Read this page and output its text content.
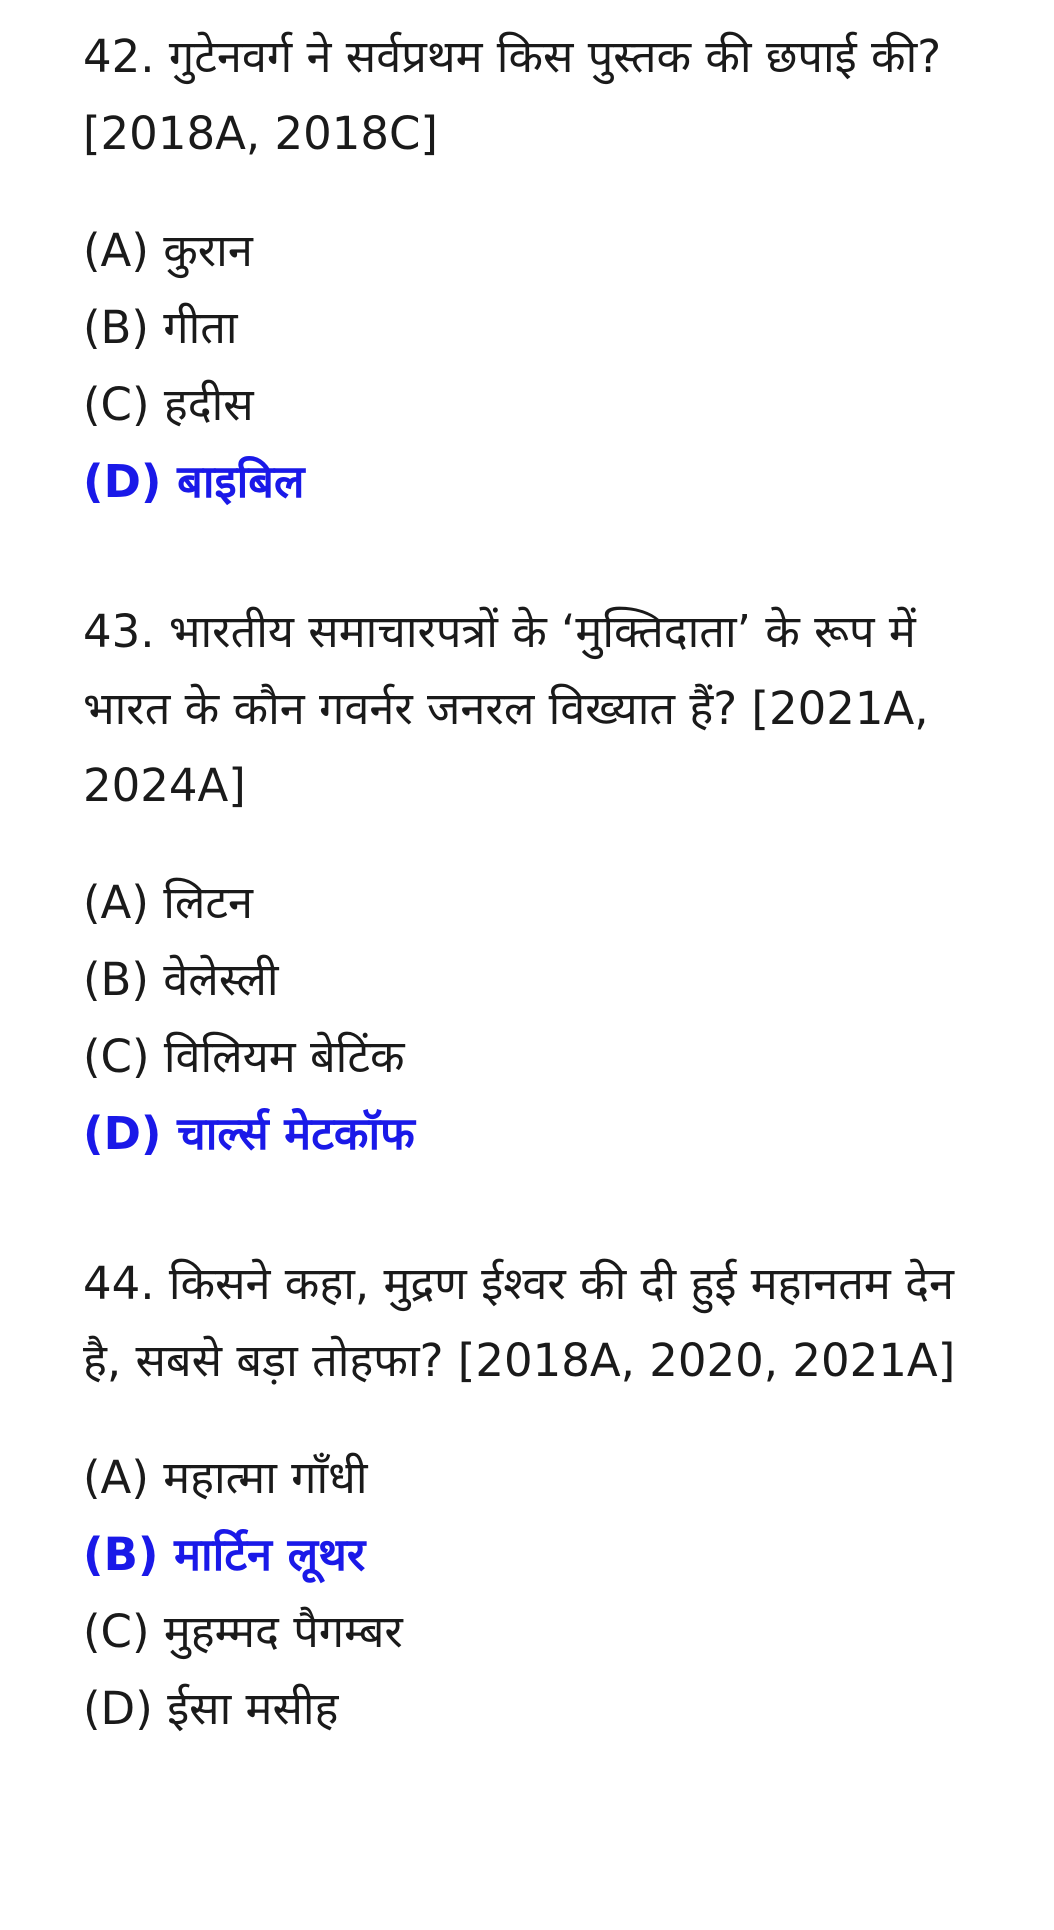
42. गुटेनवर्ग ने सर्वप्रथम किस पुस्तक की छपाई की? [2018A, 2018C]

(A) कुरान
(B) गीता
(C) हदीस
(D) बाइबिल

43. भारतीय समाचारपत्रों के ‘मुक्तिदाता’ के रूप में भारत के कौन गवर्नर जनरल विख्यात हैं? [2021A, 2024A]

(A) लिटन
(B) वेलेस्ली
(C) विलियम बेटिंक
(D) चार्ल्स मेटकॉफ

44. किसने कहा, मुद्रण ईश्वर की दी हुई महानतम देन है, सबसे बड़ा तोहफा? [2018A, 2020, 2021A]

(A) महात्मा गाँधी
(B) मार्टिन लूथर
(C) मुहम्मद पैगम्बर
(D) ईसा मसीह
